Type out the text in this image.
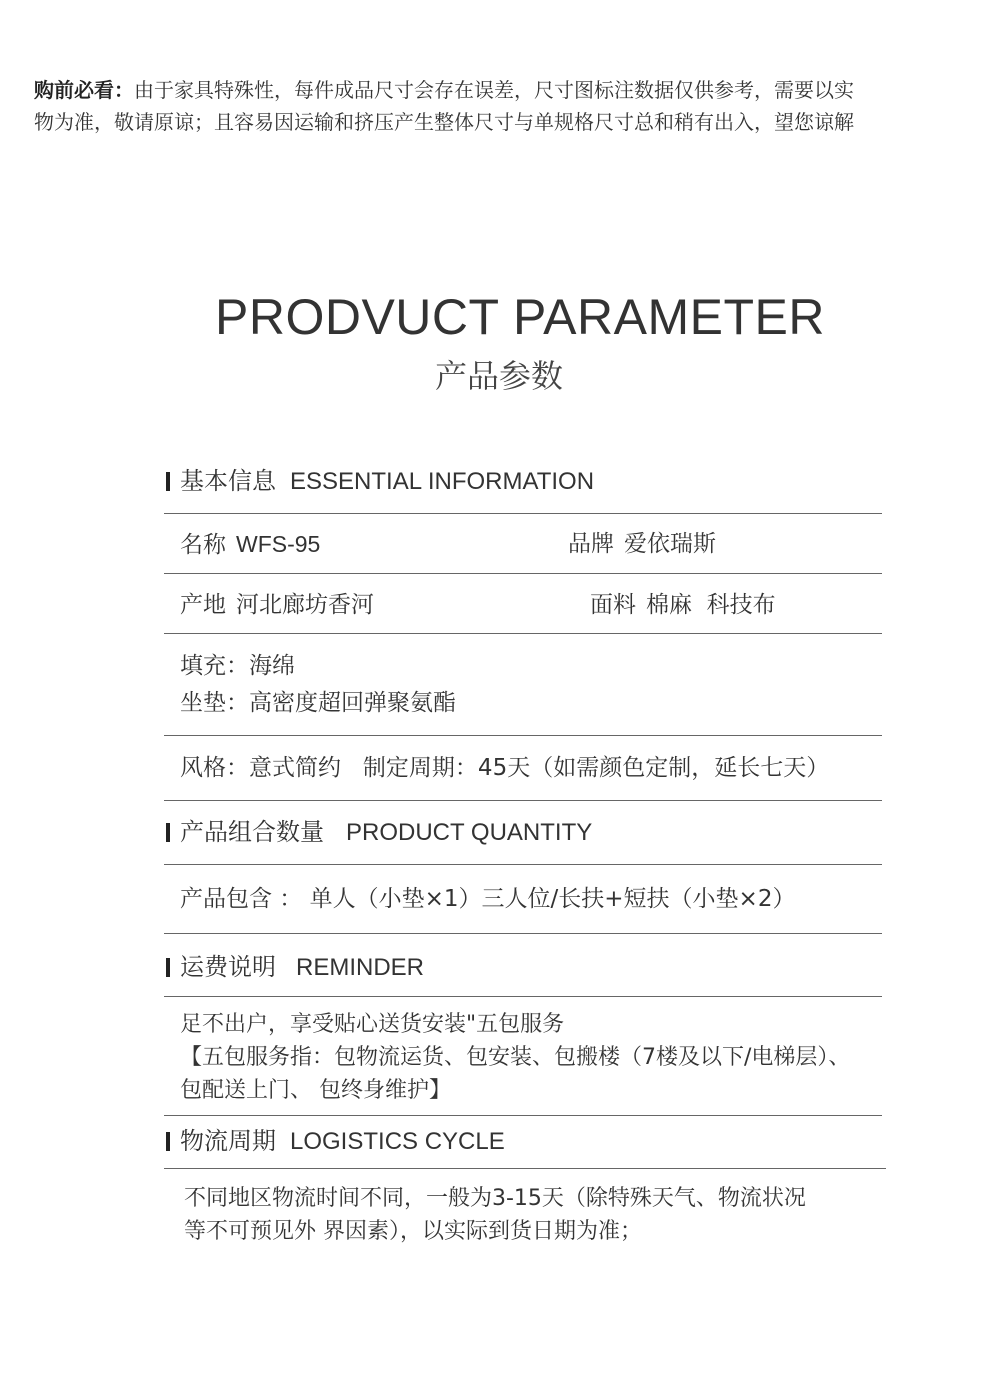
购前必看：由于家具特殊性，每件成品尺寸会存在误差，尺寸图标注数据仅供参考，需要以实
物为准，敬请原谅；且容易因运输和挤压产生整体尺寸与单规格尺寸总和稍有出入，望您谅解
PRODVUCT PARAMETER
产品参数
基本信息 ESSENTIAL INFORMATION
名称 WFS-95	品牌 爱依瑞斯
产地 河北廊坊香河	面料 棉麻  科技布
填充：海绵
坐垫：高密度超回弹聚氨酯
风格：意式简约   制定周期：45天（如需颜色定制，延长七天）
产品组合数量 PRODUCT QUANTITY
产品包含 ： 单人（小垫×1）三人位/长扶+短扶（小垫×2）
运费说明 REMINDER
足不出户，享受贴心送货安装"五包服务
【五包服务指：包物流运货、包安装、包搬楼（7楼及以下/电梯层）、
包配送上门、 包终身维护】
物流周期 LOGISTICS CYCLE
不同地区物流时间不同，一般为3-15天（除特殊天气、物流状况
等不可预见外 界因素），以实际到货日期为准；
